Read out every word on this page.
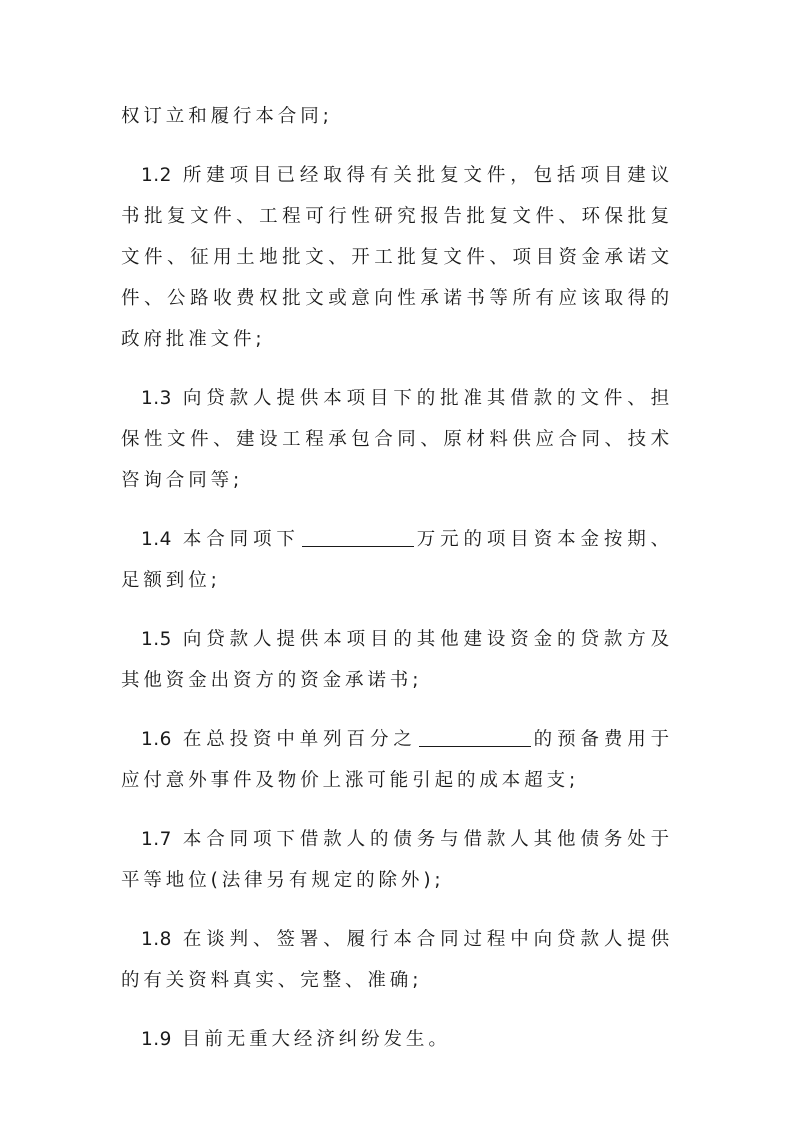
权订立和履行本合同;

1.2 所建项目已经取得有关批复文件，包括项目建议书批复文件、工程可行性研究报告批复文件、环保批复文件、征用土地批文、开工批复文件、项目资金承诺文件、公路收费权批文或意向性承诺书等所有应该取得的政府批准文件;

1.3 向贷款人提供本项目下的批准其借款的文件、担保性文件、建设工程承包合同、原材料供应合同、技术咨询合同等;

1.4 本合同项下	万元的项目资本金按期、足额到位;

1.5 向贷款人提供本项目的其他建设资金的贷款方及其他资金出资方的资金承诺书;

1.6 在总投资中单列百分之	的预备费用于应付意外事件及物价上涨可能引起的成本超支;

1.7 本合同项下借款人的债务与借款人其他债务处于平等地位(法律另有规定的除外);

1.8 在谈判、签署、履行本合同过程中向贷款人提供的有关资料真实、完整、准确;

1.9 目前无重大经济纠纷发生。
